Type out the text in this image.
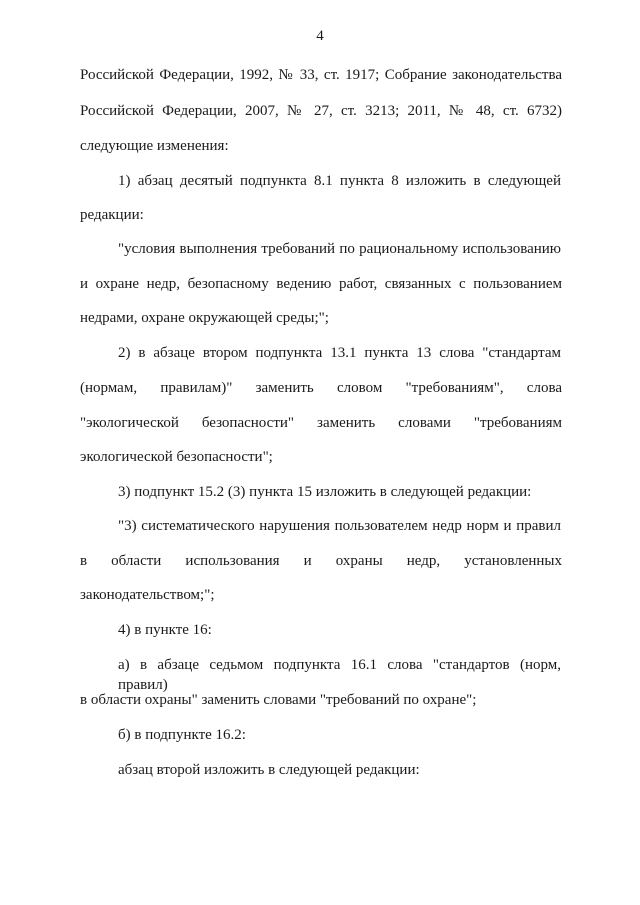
4
Российской Федерации, 1992, № 33, ст. 1917; Собрание законодательства
Российской Федерации, 2007, № 27, ст. 3213; 2011, № 48, ст. 6732)
следующие изменения:
1) абзац десятый подпункта 8.1 пункта 8 изложить в следующей
редакции:
"условия выполнения требований по рациональному использованию
и охране недр, безопасному ведению работ, связанных с пользованием
недрами, охране окружающей среды;";
2) в абзаце втором подпункта 13.1 пункта 13 слова "стандартам
(нормам, правилам)" заменить словом "требованиям", слова
"экологической безопасности" заменить словами "требованиям
экологической безопасности";
3) подпункт 15.2 (3) пункта 15 изложить в следующей редакции:
"3) систематического нарушения пользователем недр норм и правил
в области использования и охраны недр, установленных
законодательством;";
4) в пункте 16:
а) в абзаце седьмом подпункта 16.1 слова "стандартов (норм, правил)
в области охраны" заменить словами "требований по охране";
б) в подпункте 16.2:
абзац второй изложить в следующей редакции:
